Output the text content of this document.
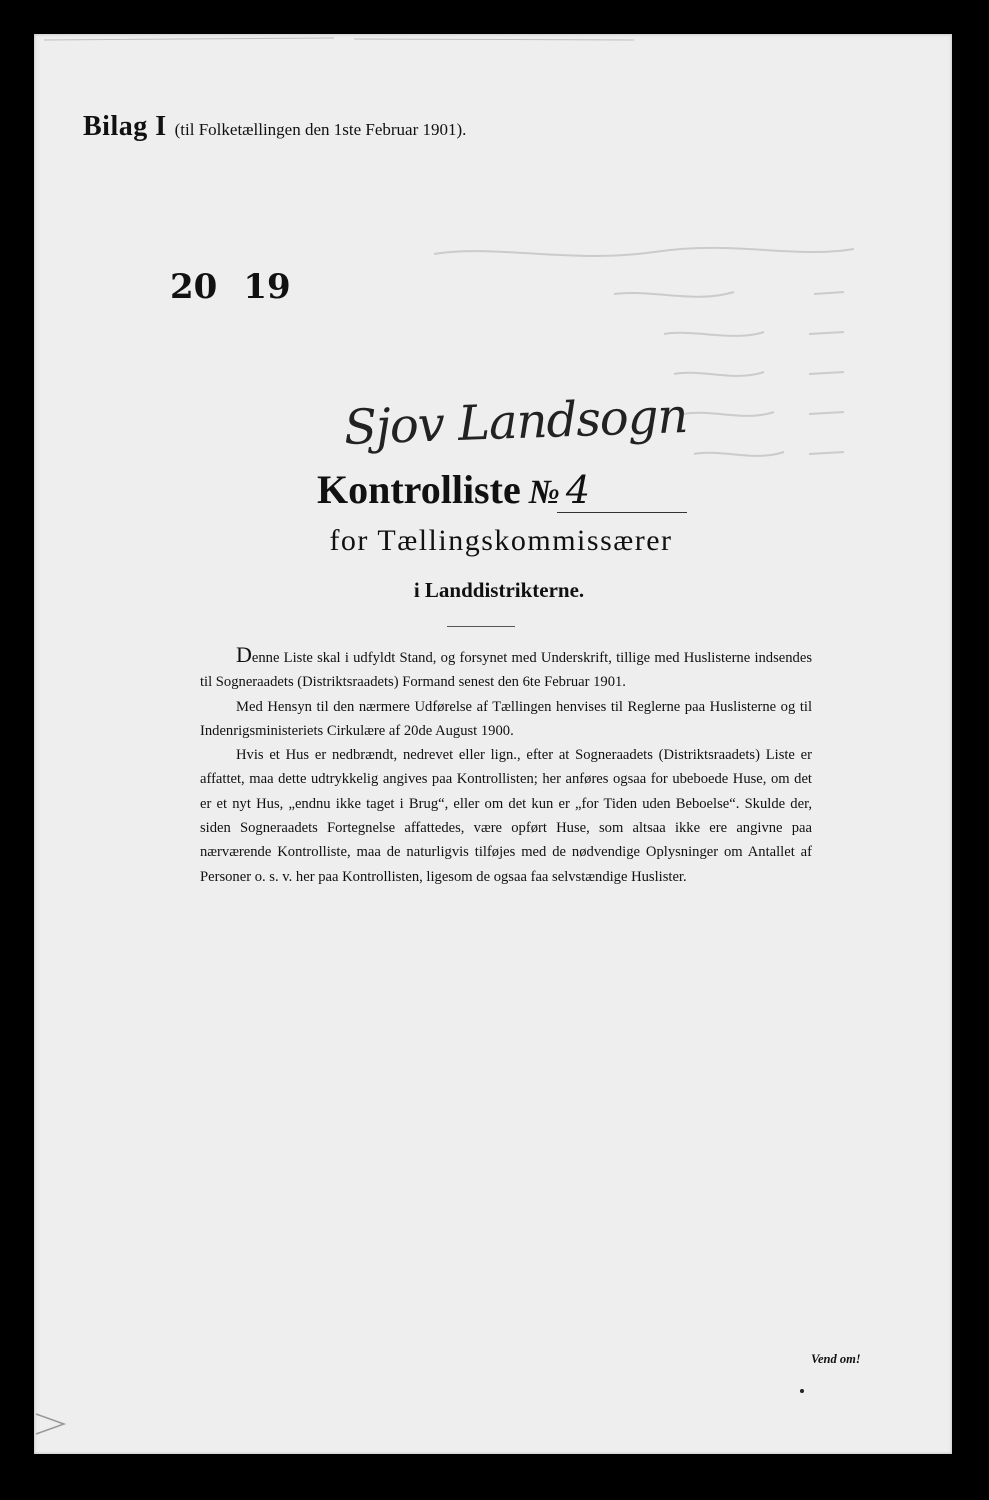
Bilag I (til Folketællingen den 1ste Februar 1901).
20 19
Sjov Landsogn
Kontrolliste № 4
for Tællingskommissærer
i Landdistrikterne.

Denne Liste skal i udfyldt Stand, og forsynet med Underskrift, tillige med Huslisterne indsendes til Sogneraadets (Distriktsraadets) Formand senest den 6te Februar 1901.

Med Hensyn til den nærmere Udførelse af Tællingen henvises til Reglerne paa Huslisterne og til Indenrigsministeriets Cirkulære af 20de August 1900.

Hvis et Hus er nedbrændt, nedrevet eller lign., efter at Sogneraadets (Distriktsraadets) Liste er affattet, maa dette udtrykkelig angives paa Kontrollisten; her anføres ogsaa for ubeboede Huse, om det er et nyt Hus, „endnu ikke taget i Brug“, eller om det kun er „for Tiden uden Beboelse“. Skulde der, siden Sogneraadets Fortegnelse affattedes, være opført Huse, som altsaa ikke ere angivne paa nærværende Kontrolliste, maa de naturligvis tilføjes med de nødvendige Oplysninger om Antallet af Personer o. s. v. her paa Kontrollisten, ligesom de ogsaa faa selvstændige Huslister.

Vend om!
